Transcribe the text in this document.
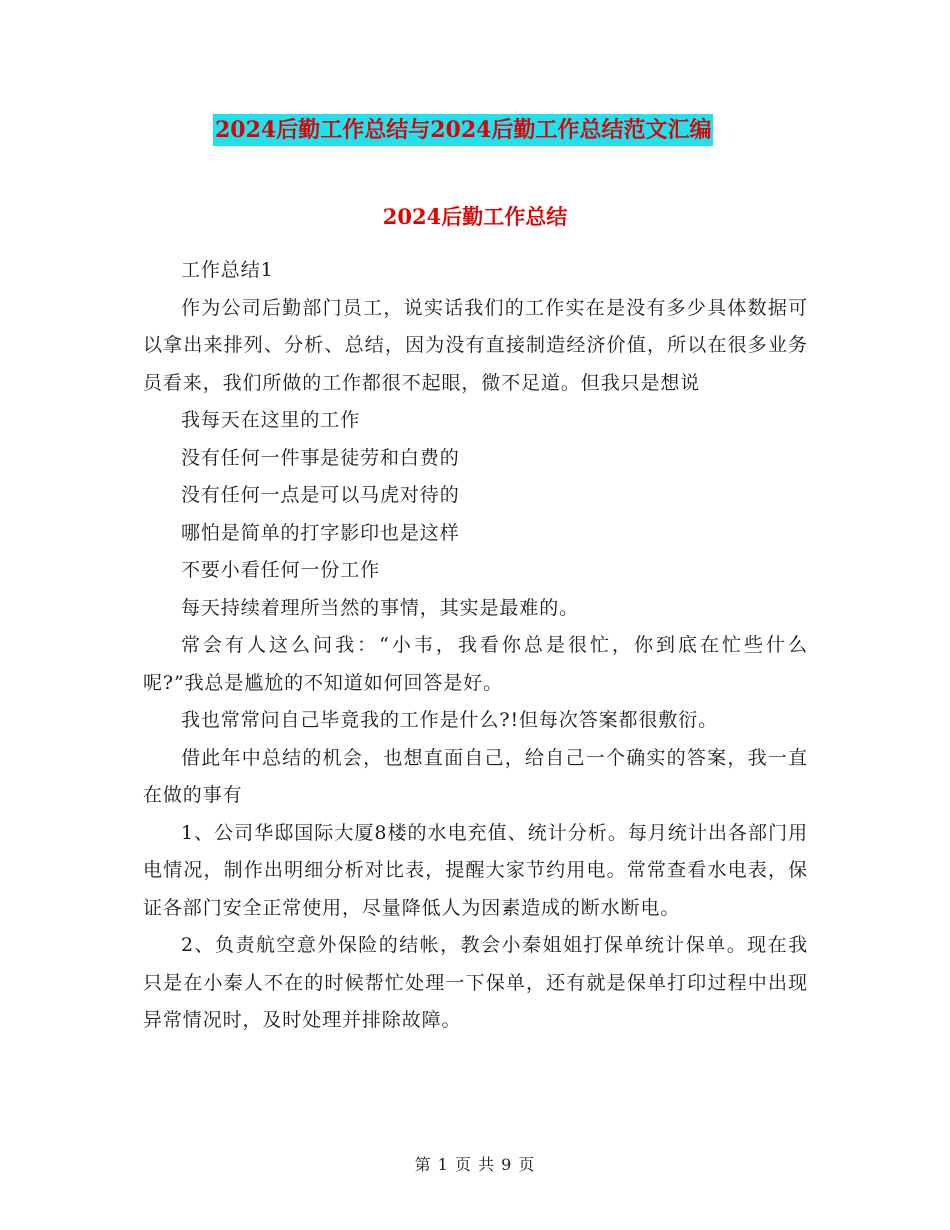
2024后勤工作总结与2024后勤工作总结范文汇编
2024后勤工作总结

工作总结1

作为公司后勤部门员工，说实话我们的工作实在是没有多少具体数据可以拿出来排列、分析、总结，因为没有直接制造经济价值，所以在很多业务员看来，我们所做的工作都很不起眼，微不足道。但我只是想说

我每天在这里的工作

没有任何一件事是徒劳和白费的

没有任何一点是可以马虎对待的

哪怕是简单的打字影印也是这样

不要小看任何一份工作

每天持续着理所当然的事情，其实是最难的。

常会有人这么问我：“小韦，我看你总是很忙，你到底在忙些什么呢?”我总是尴尬的不知道如何回答是好。

我也常常问自己毕竟我的工作是什么?!但每次答案都很敷衍。

借此年中总结的机会，也想直面自己，给自己一个确实的答案，我一直在做的事有

1、公司华邸国际大厦8楼的水电充值、统计分析。每月统计出各部门用电情况，制作出明细分析对比表，提醒大家节约用电。常常查看水电表，保证各部门安全正常使用，尽量降低人为因素造成的断水断电。

2、负责航空意外保险的结帐，教会小秦姐姐打保单统计保单。现在我只是在小秦人不在的时候帮忙处理一下保单，还有就是保单打印过程中出现异常情况时，及时处理并排除故障。

第 1 页 共 9 页
